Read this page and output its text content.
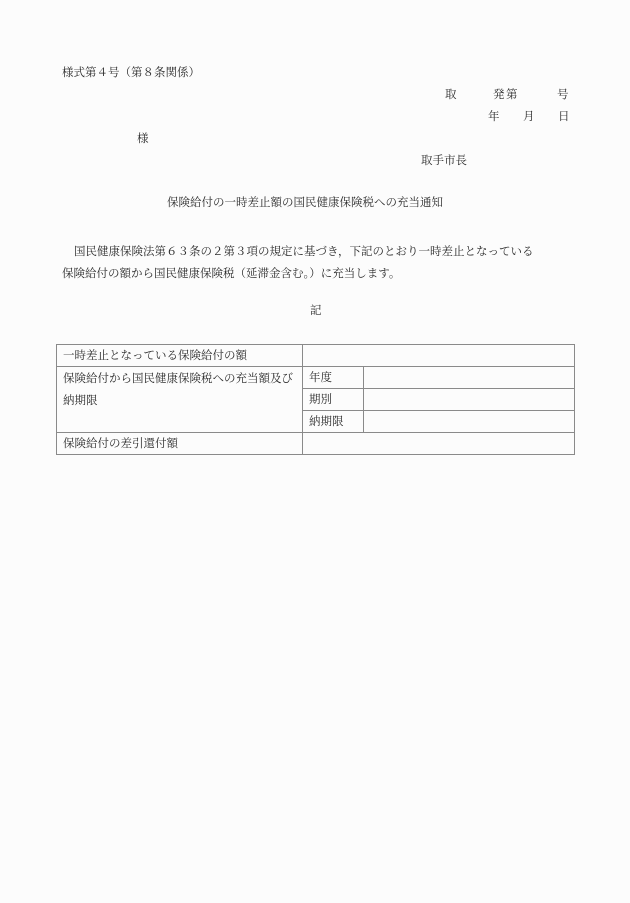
様式第４号（第８条関係）
取	発 第	号
年 月 日
様
取手市長
保険給付の一時差止額の国民健康保険税への充当通知
国民健康保険法第６３条の２第３項の規定に基づき，下記のとおり一時差止となっている
保険給付の額から国民健康保険税（延滞金含む。）に充当します。
記
一時差止となっている保険給付の額		
保険給付から国民健康保険税への充当額及び納期限	年度	
	期別	
	納期限	
保険給付の差引還付額		
